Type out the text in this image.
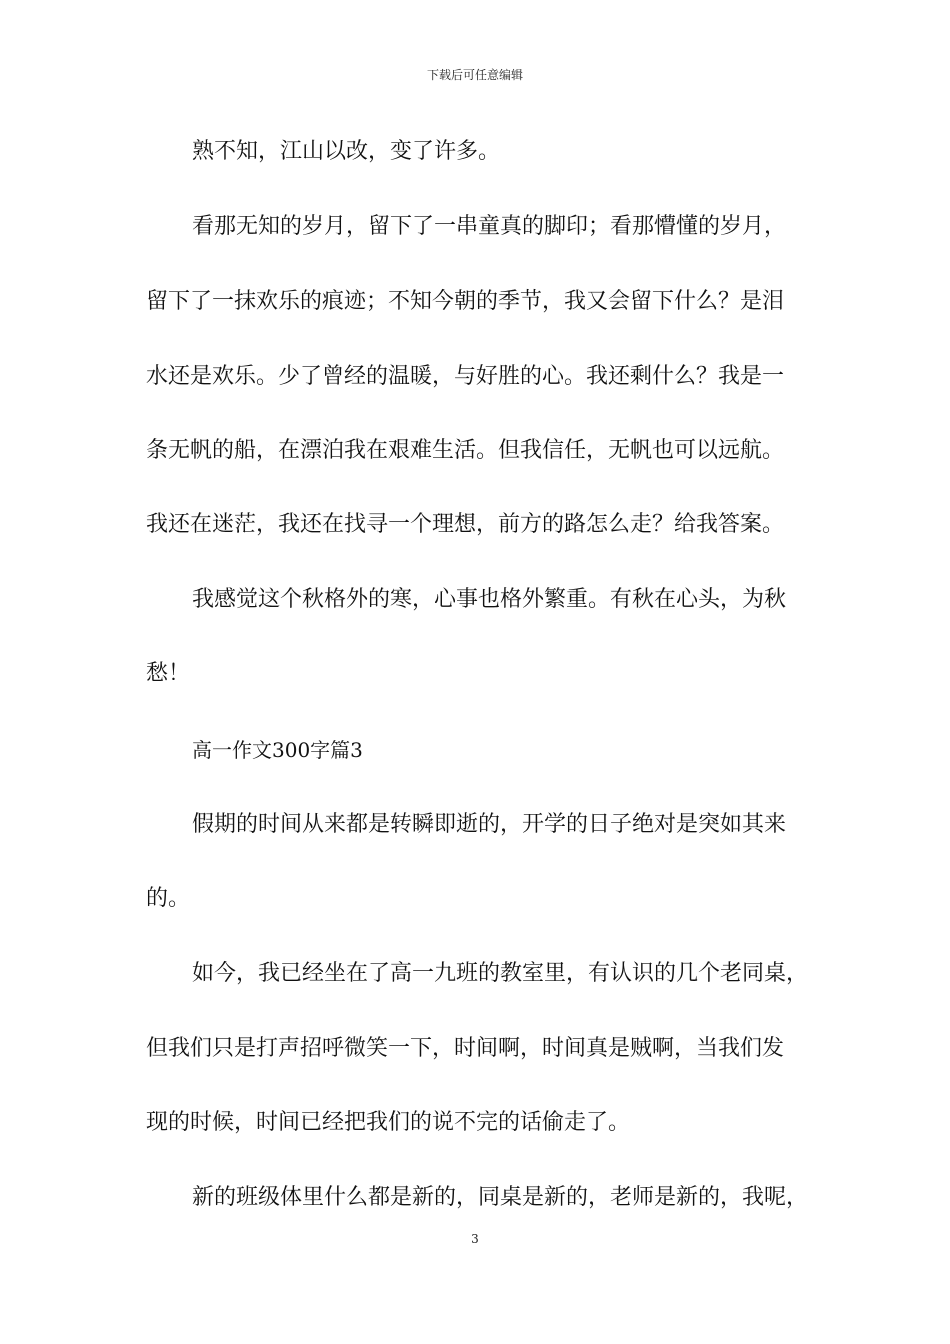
下载后可任意编辑
熟不知，江山以改，变了许多。
看那无知的岁月，留下了一串童真的脚印；看那懵懂的岁月，
留下了一抹欢乐的痕迹；不知今朝的季节，我又会留下什么？是泪
水还是欢乐。少了曾经的温暖，与好胜的心。我还剩什么？我是一
条无帆的船，在漂泊我在艰难生活。但我信任，无帆也可以远航。
我还在迷茫，我还在找寻一个理想，前方的路怎么走？给我答案。
我感觉这个秋格外的寒，心事也格外繁重。有秋在心头，为秋
愁！
高一作文300字篇3
假期的时间从来都是转瞬即逝的，开学的日子绝对是突如其来
的。
如今，我已经坐在了高一九班的教室里，有认识的几个老同桌，
但我们只是打声招呼微笑一下，时间啊，时间真是贼啊，当我们发
现的时候，时间已经把我们的说不完的话偷走了。
新的班级体里什么都是新的，同桌是新的，老师是新的，我呢，
3
